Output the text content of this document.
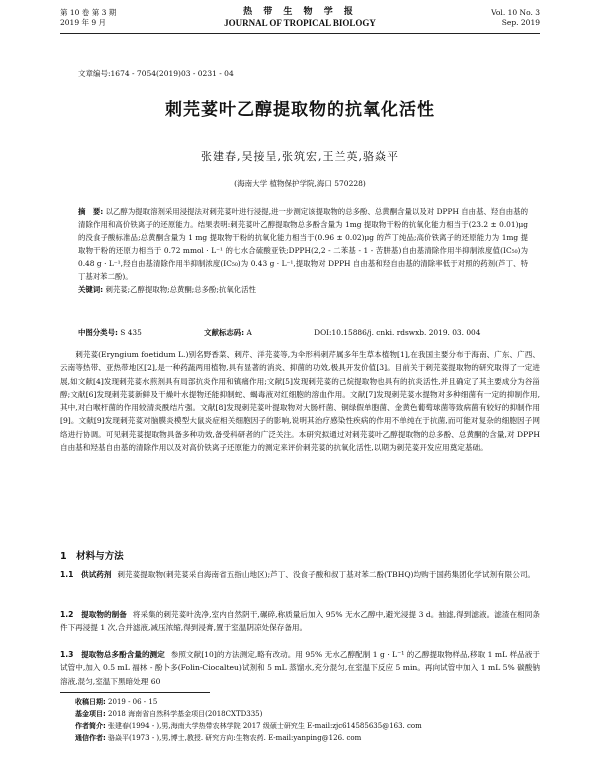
第 10 卷 第 3 期
2019 年 9 月
热 带 生 物 学 报
JOURNAL OF TROPICAL BIOLOGY
Vol. 10 No. 3
Sep. 2019
文章编号:1674 - 7054(2019)03 - 0231 - 04
刺芫荽叶乙醇提取物的抗氧化活性
张建春,吴接呈,张筑宏,王兰英,骆焱平
(海南大学 植物保护学院,海口 570228)

摘　要: 以乙醇为提取溶剂采用浸提法对刺芫荽叶进行浸提,进一步测定该提取物的总多酚、总黄酮含量以及对 DPPH 自由基、羟自由基的清除作用和高价铁离子的还原能力。结果表明:刺芫荽叶乙醇提取物总多酚含量为 1mg 提取物干粉的抗氧化能力相当于(23.2 ± 0.01)μg 的没食子酸标准品;总黄酮含量为 1 mg 提取物干粉的抗氧化能力相当于(0.96 ± 0.02)μg 的芦丁纯品;高价铁离子的还原能力为 1mg 提取物干粉的还原力相当于 0.72 mmol · L⁻¹ 的七水合硫酸亚铁;DPPH(2,2 - 二苯基 - 1 - 苦肼基)自由基清除作用半抑制浓度值(IC₅₀)为 0.48 g · L⁻¹,羟自由基清除作用半抑制浓度(IC₅₀)为 0.43 g · L⁻¹,提取物对 DPPH 自由基和羟自由基的清除率低于对照的药剂(芦丁、特丁基对苯二酚)。

关键词: 刺芫荽;乙醇提取物;总黄酮;总多酚;抗氧化活性

中图分类号: S 435	文献标志码: A	DOI:10.15886/j. cnki. rdswxb. 2019. 03. 004

刺芫荽(Eryngium foetidum L.)别名野香菜、刺芹、洋芫荽等,为伞形科刺芹属多年生草本植物[1],在我国主要分布于海南、广东、广西、云南等热带、亚热带地区[2],是一种药蔬两用植物,具有显著的消炎、抑菌的功效,极具开发价值[3]。目前关于刺芫荽提取物的研究取得了一定进展,如文献[4]发现刺芫荽水煎剂具有局部抗炎作用和镇痛作用;文献[5]发现刺芫荽的己烷提取物也具有的抗炎活性,并且确定了其主要成分为谷甾醇;文献[6]发现刺芫荽新鲜及干燥叶水提物还能抑制蛇、蝎毒液对红细胞的溶血作用。文献[7]发现刺芫荽水提物对多种细菌有一定的抑制作用,其中,对白喉杆菌的作用较清炎酰结片强。文献[8]发现刺芫荽叶提取物对大肠杆菌、铜绿假单胞菌、金黄色葡萄球菌等致病菌有较好的抑制作用[9]。文献[9]发现刺芫荽对脑膜炎模型大鼠炎症相关细胞因子的影响,说明其治疗感染性疾病的作用不单纯在于抗菌,而可能对复杂的细胞因子网络进行协调。可见刺芫荽提取物具备多种功效,备受科研者的广泛关注。本研究拟通过对刺芫荽叶乙醇提取物的总多酚、总黄酮的含量,对 DPPH 自由基和羟基自由基的清除作用以及对高价铁离子还原能力的测定来评价刺芫荽的抗氧化活性,以期为刺芫荽开发应用奠定基础。

1　材料与方法
1.1　供试药剂 刺芫荽提取物(刺芫荽采自海南省五指山地区);芦丁、没食子酸和叔丁基对苯二酚(TBHQ)均购于国药集团化学试剂有限公司。
1.2　提取物的制备 将采集的刺芫荽叶洗净,室内自然阴干,碾碎,称质量后加入 95% 无水乙醇中,避光浸提 3 d。抽滤,得到滤液。滤渣在相同条件下再浸提 1 次,合并滤液,减压浓缩,得到浸膏,置于室温阴凉处保存备用。
1.3　提取物总多酚含量的测定 参照文献[10]的方法测定,略有改动。用 95% 无水乙醇配制 1 g · L⁻¹ 的乙醇提取物样品,移取 1 mL 样品液于试管中,加入 0.5 mL 福林 - 酚卜多(Folin-Ciocalteu)试剂和 5 mL 蒸馏水,充分混匀,在室温下反应 5 min。再向试管中加入 1 mL 5% 碳酸钠溶液,混匀,室温下黑暗处理 60

收稿日期: 2019 - 06 - 15

基金项目: 2018 海南省自然科学基金项目(2018CXTD335)

作者简介: 张建春(1994 - ),男,海南大学热带农林学院 2017 级硕士研究生 E-mail:zjc614585635@163. com

通信作者: 骆焱平(1973 - ),男,博士,教授. 研究方向:生物农药. E-mail:yanping@126. com
